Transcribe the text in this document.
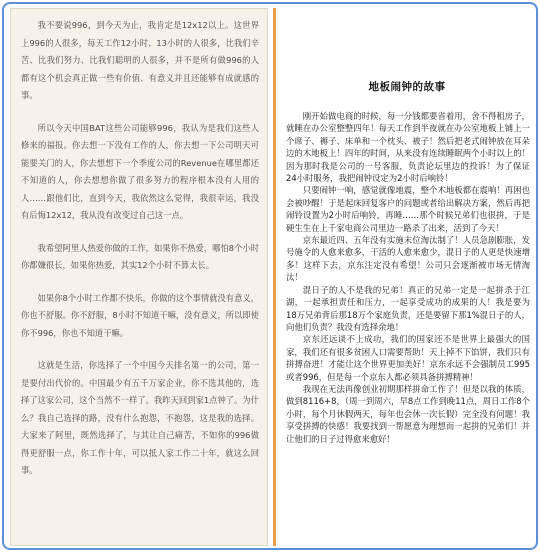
我不要说996，到今天为止，我肯定是12x12以上。这世界上996的人很多，每天工作12小时、13小时的人很多，比我们辛苦、比我们努力、比我们聪明的人很多，并不是所有做996的人都有这个机会真正做一些有价值、有意义并且还能够有成就感的事。

所以今天中国BAT这些公司能够996，我认为是我们这些人修来的福报。你去想一下没有工作的人，你去想一下公司明天可能要关门的人，你去想想下一个季度公司的Revenue在哪里都还不知道的人，你去想想你做了很多努力的程序根本没有人用的人……跟他们比，直到今天，我依然这么觉得，我很幸运，我没有后悔12x12，我从没有改变过自己这一点。

我希望阿里人热爱你做的工作，如果你不热爱，哪怕8个小时你都嫌很长，如果你热爱，其实12个小时不算太长。

如果你8个小时工作都不快乐，你做的这个事情就没有意义，你也不舒服。你不舒服，8小时不知道干嘛，没有意义，所以即使你不996，你也不知道干嘛。

这就是生活，你选择了一个中国今天排名第一的公司，第一是要付出代价的。中国最少有五千万家企业，你不选其他的，选择了这家公司，这个当然不一样了。我昨天回到家1点钟了。为什么？我自己选择的路，没有什么抱怨，不抱怨，这是我的选择。大家来了阿里，既然选择了，与其让自己痛苦，不如你的996做得更舒服一点，你工作十年，可以抵人家工作二十年，就这么回事。

地板闹钟的故事

刚开始做电商的时候，每一分钱都要省着用，舍不得租房子，就睡在办公室整整四年！每天工作到半夜就在办公室地板上铺上一个席子、褥子、床单和一个枕头、被子！然后把老式闹钟放在耳朵边的木地板上！四年的时间，从来没有连续睡眠两个小时以上的！因为那时我是公司的一号客服，负责论坛里边的投诉！为了保证24小时服务，我把闹钟设定为2小时后响铃！

只要闹钟一响，感觉就像地震，整个木地板都在震响！再困也会被吵醒！于是起床回复客户的问题或者给出解决方案，然后再把闹铃设置为2小时后响铃，再睡……那个时候兄弟们也很拼，于是硬生生在上千家电商公司里边一路杀了出来，活到了今天！

京东最近四、五年没有实施末位淘汰制了！人员急剧膨胀，发号施令的人愈来愈多，干活的人愈来愈少，混日子的人更是快速增多！这样下去，京东注定没有希望！公司只会逐渐被市场无情淘汰！

混日子的人不是我的兄弟！真正的兄弟一定是一起拼杀于江湖，一起承担责任和压力，一起享受成功的成果的人！我是要为18万兄弟背后那18万个家庭负责，还是要留下那1%混日子的人，向他们负责？我没有选择余地！

京东还远谈不上成功，我们的国家还不是世界上最强大的国家，我们还有很多贫困人口需要帮助！天上掉不下馅饼，我们只有拼搏奋进！才能让这个世界更加美好！京东永远不会强制员工995或者996，但是每一个京东人都必须具备拼搏精神！

我现在无法再像创业初期那样拼命工作了！但是以我的体质，做到8116+8，（周一到周六，早8点工作到晚11点，周日工作8个小时，每个月休假两天，每年也会休一次长假）完全没有问题！我享受拼搏的快感！我要找到一帮愿意为理想而一起拼的兄弟们！并让他们的日子过得愈来愈好！
